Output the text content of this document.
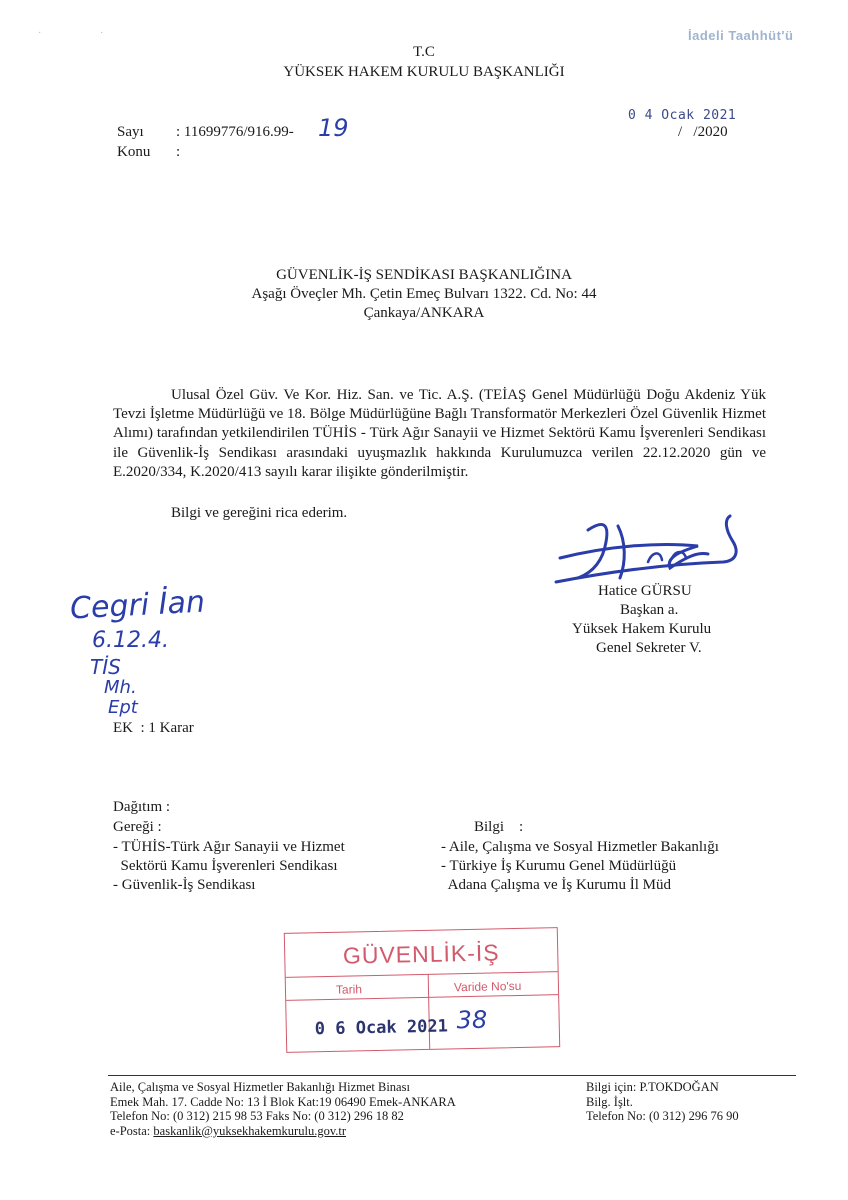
·	·	İadeli Taahhüt'ü
T.C
YÜKSEK HAKEM KURULU BAŞKANLIĞI
0 4 Ocak 2021
Sayı : 11699776/916.99- 19	/   /2020
Konu :
GÜVENLİK-İŞ SENDİKASI BAŞKANLIĞINA
Aşağı Öveçler Mh. Çetin Emeç Bulvarı 1322. Cd. No: 44
Çankaya/ANKARA
Ulusal Özel Güv. Ve Kor. Hiz. San. ve Tic. A.Ş. (TEİAŞ Genel Müdürlüğü Doğu Akdeniz Yük Tevzi İşletme Müdürlüğü ve 18. Bölge Müdürlüğüne Bağlı Transformatör Merkezleri Özel Güvenlik Hizmet Alımı) tarafından yetkilendirilen TÜHİS - Türk Ağır Sanayii ve Hizmet Sektörü Kamu İşverenleri Sendikası ile Güvenlik-İş Sendikası arasındaki uyuşmazlık hakkında Kurulumuzca verilen 22.12.2020 gün ve E.2020/334, K.2020/413 sayılı karar ilişikte gönderilmiştir.
Bilgi ve gereğini rica ederim.
Hatice GÜRSU
Başkan a.
Yüksek Hakem Kurulu
Genel Sekreter V.
Cegri İan
6.12.4.
TİS
Mh.
Ept
EK  : 1 Karar
Dağıtım :
Gereği :
- TÜHİS-Türk Ağır Sanayii ve Hizmet
Sektörü Kamu İşverenleri Sendikası
- Güvenlik-İş Sendikası
Bilgi    :
- Aile, Çalışma ve Sosyal Hizmetler Bakanlığı
- Türkiye İş Kurumu Genel Müdürlüğü
Adana Çalışma ve İş Kurumu İl Müd
GÜVENLİK-İŞ
Tarih	Varide No'su
0 6 Ocak 2021 38
Aile, Çalışma ve Sosyal Hizmetler Bakanlığı Hizmet Binası
Emek Mah. 17. Cadde No: 13 İ Blok Kat:19 06490 Emek-ANKARA
Telefon No: (0 312) 215 98 53 Faks No: (0 312) 296 18 82
e-Posta: baskanlik@yuksekhakemkurulu.gov.tr
Bilgi için: P.TOKDOĞAN
Bilg. İşlt.
Telefon No: (0 312) 296 76 90
